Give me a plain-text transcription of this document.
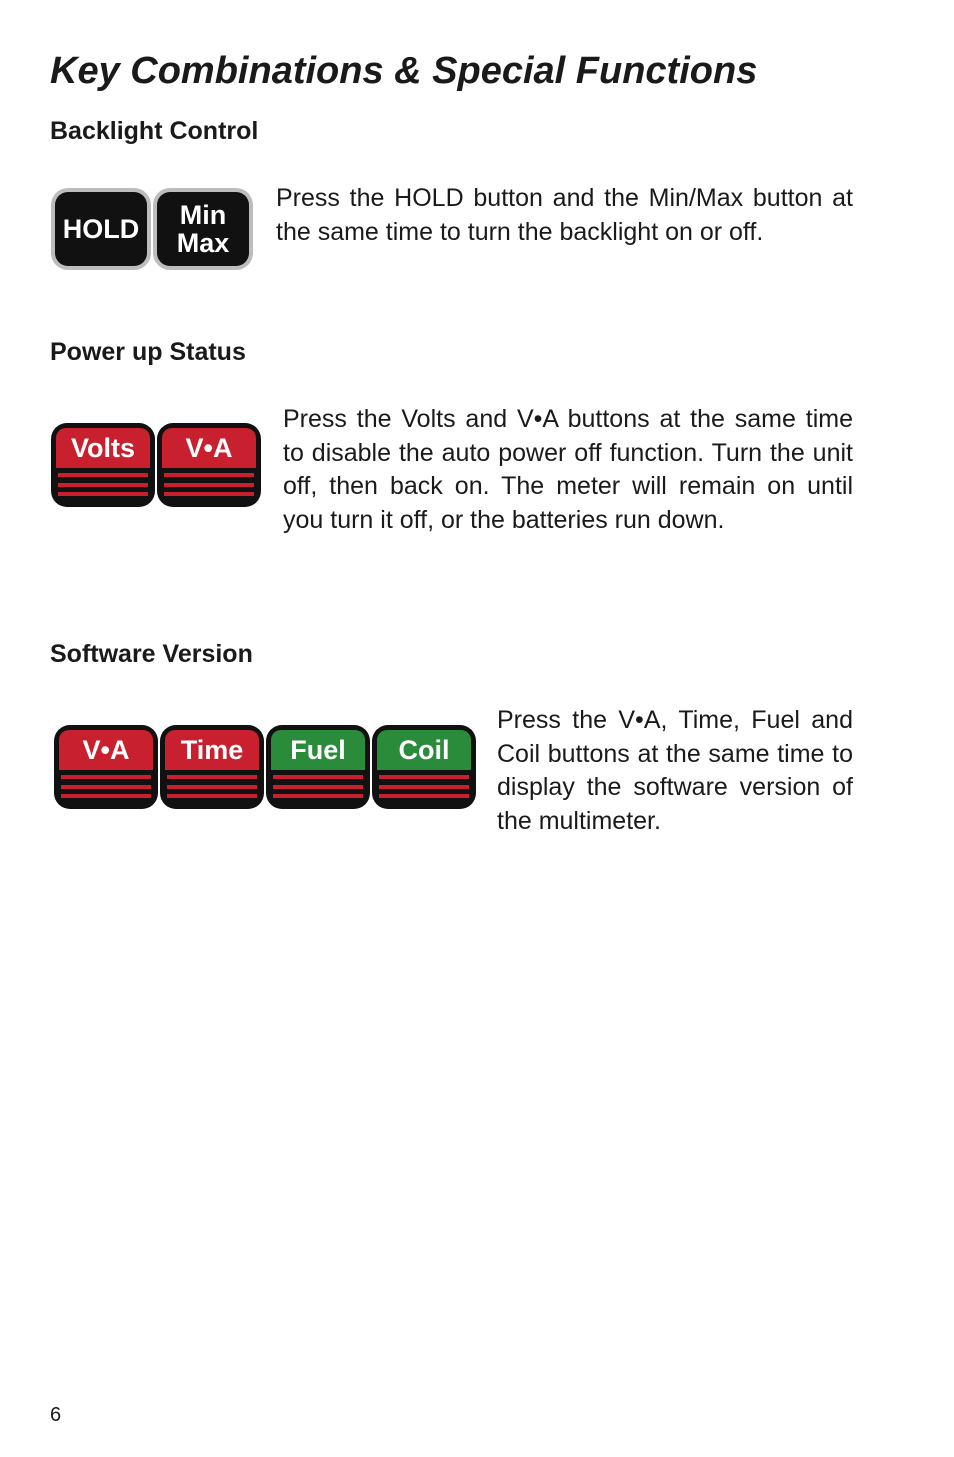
Key Combinations & Special Functions
Backlight Control
HOLD Min
Max

Press the HOLD button and the Min/Max button at the same time to turn the backlight on or off.

Power up Status
Volts V•A

Press the Volts and V•A buttons at the same time to disable the auto power off function. Turn the unit off, then back on. The meter will remain on until you turn it off, or the batteries run down.

Software Version
V•A Time Fuel Coil

Press the V•A, Time, Fuel and Coil buttons at the same time to display the software version of the multimeter.

6
